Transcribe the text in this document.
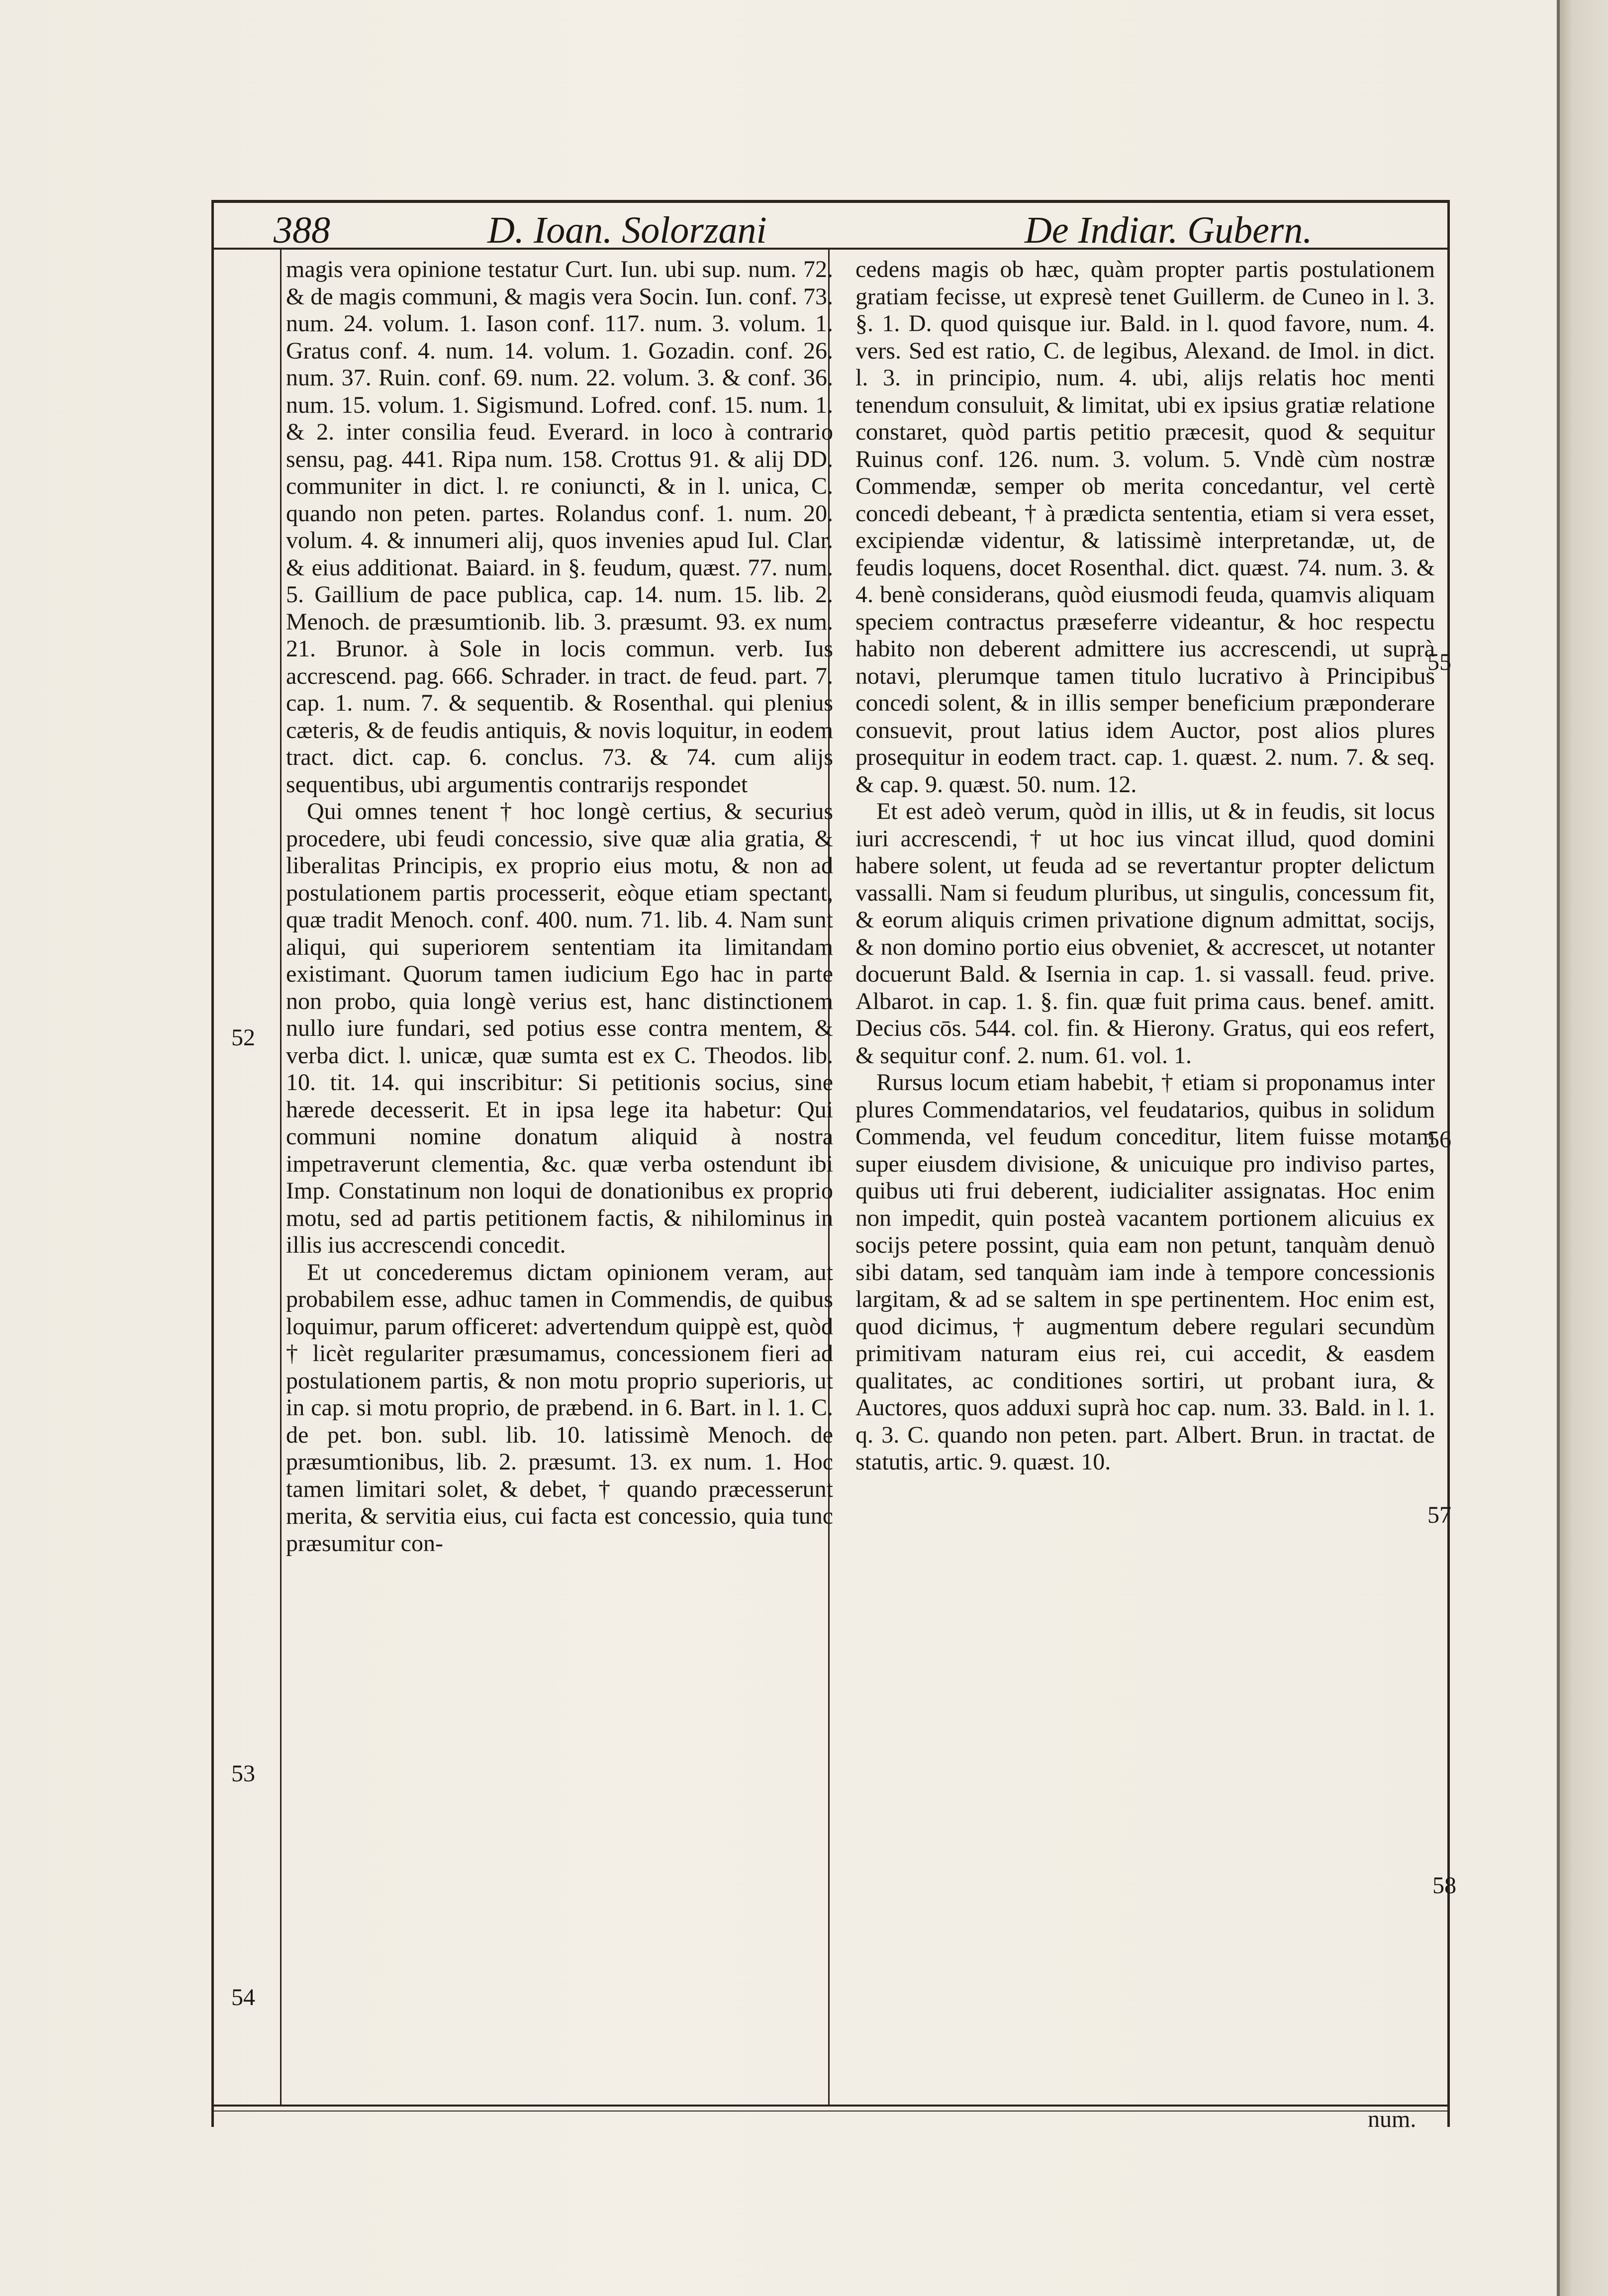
388	D. Ioan. Solorzani	De Indiar. Gubern.

magis vera opinione testatur Curt. Iun. ubi sup. num. 72. & de magis communi, & magis vera Socin. Iun. conf. 73. num. 24. volum. 1. Iason conf. 117. num. 3. volum. 1. Gratus conf. 4. num. 14. volum. 1. Gozadin. conf. 26. num. 37. Ruin. conf. 69. num. 22. volum. 3. & conf. 36. num. 15. volum. 1. Sigismund. Lofred. conf. 15. num. 1. & 2. inter consilia feud. Everard. in loco à contrario sensu, pag. 441. Ripa num. 158. Crottus 91. & alij DD. communiter in dict. l. re coniuncti, & in l. unica, C. quando non peten. partes. Rolandus conf. 1. num. 20. volum. 4. & innumeri alij, quos invenies apud Iul. Clar. & eius additionat. Baiard. in §. feudum, quæst. 77. num. 5. Gaillium de pace publica, cap. 14. num. 15. lib. 2. Menoch. de præsumtionib. lib. 3. præsumt. 93. ex num. 21. Brunor. à Sole in locis commun. verb. Ius accrescend. pag. 666. Schrader. in tract. de feud. part. 7. cap. 1. num. 7. & sequentib. & Rosenthal. qui plenius cæteris, & de feudis antiquis, & novis loquitur, in eodem tract. dict. cap. 6. conclus. 73. & 74. cum alijs sequentibus, ubi argumentis contrarijs respondet

Qui omnes tenent † hoc longè certius, & securius procedere, ubi feudi concessio, sive quæ alia gratia, & liberalitas Principis, ex proprio eius motu, & non ad postulationem partis processerit, eòque etiam spectant, quæ tradit Menoch. conf. 400. num. 71. lib. 4. Nam sunt aliqui, qui superiorem sententiam ita limitandam existimant. Quorum tamen iudicium Ego hac in parte non probo, quia longè verius est, hanc distinctionem nullo iure fundari, sed potius esse contra mentem, & verba dict. l. unicæ, quæ sumta est ex C. Theodos. lib. 10. tit. 14. qui inscribitur: Si petitionis socius, sine hærede decesserit. Et in ipsa lege ita habetur: Qui communi nomine donatum aliquid à nostra impetraverunt clementia, &c. quæ verba ostendunt ibi Imp. Constatinum non loqui de donationibus ex proprio motu, sed ad partis petitionem factis, & nihilominus in illis ius accrescendi concedit.

Et ut concederemus dictam opinionem veram, aut probabilem esse, adhuc tamen in Commendis, de quibus loquimur, parum officeret: advertendum quippè est, quòd † licèt regulariter præsumamus, concessionem fieri ad postulationem partis, & non motu proprio superioris, ut in cap. si motu proprio, de præbend. in 6. Bart. in l. 1. C. de pet. bon. subl. lib. 10. latissimè Menoch. de præsumtionibus, lib. 2. præsumt. 13. ex num. 1. Hoc tamen limitari solet, & debet, † quando præcesserunt merita, & servitia eius, cui facta est concessio, quia tunc præsumitur con-

cedens magis ob hæc, quàm propter partis postulationem gratiam fecisse, ut expresè tenet Guillerm. de Cuneo in l. 3. §. 1. D. quod quisque iur. Bald. in l. quod favore, num. 4. vers. Sed est ratio, C. de legibus, Alexand. de Imol. in dict. l. 3. in principio, num. 4. ubi, alijs relatis hoc menti tenendum consuluit, & limitat, ubi ex ipsius gratiæ relatione constaret, quòd partis petitio præcesit, quod & sequitur Ruinus conf. 126. num. 3. volum. 5. Vndè cùm nostræ Commendæ, semper ob merita concedantur, vel certè concedi debeant, † à prædicta sententia, etiam si vera esset, excipiendæ videntur, & latissimè interpretandæ, ut, de feudis loquens, docet Rosenthal. dict. quæst. 74. num. 3. & 4. benè considerans, quòd eiusmodi feuda, quamvis aliquam speciem contractus præseferre videantur, & hoc respectu habito non deberent admittere ius accrescendi, ut suprà notavi, plerumque tamen titulo lucrativo à Principibus concedi solent, & in illis semper beneficium præponderare consuevit, prout latius idem Auctor, post alios plures prosequitur in eodem tract. cap. 1. quæst. 2. num. 7. & seq. & cap. 9. quæst. 50. num. 12.

Et est adeò verum, quòd in illis, ut & in feudis, sit locus iuri accrescendi, † ut hoc ius vincat illud, quod domini habere solent, ut feuda ad se revertantur propter delictum vassalli. Nam si feudum pluribus, ut singulis, concessum fit, & eorum aliquis crimen privatione dignum admittat, socijs, & non domino portio eius obveniet, & accrescet, ut notanter docuerunt Bald. & Isernia in cap. 1. si vassall. feud. prive. Albarot. in cap. 1. §. fin. quæ fuit prima caus. benef. amitt. Decius cōs. 544. col. fin. & Hierony. Gratus, qui eos refert, & sequitur conf. 2. num. 61. vol. 1.

Rursus locum etiam habebit, † etiam si proponamus inter plures Commendatarios, vel feudatarios, quibus in solidum Commenda, vel feudum conceditur, litem fuisse motam super eiusdem divisione, & unicuique pro indiviso partes, quibus uti frui deberent, iudicialiter assignatas. Hoc enim non impedit, quin posteà vacantem portionem alicuius ex socijs petere possint, quia eam non petunt, tanquàm denuò sibi datam, sed tanquàm iam inde à tempore concessionis largitam, & ad se saltem in spe pertinentem. Hoc enim est, quod dicimus, † augmentum debere regulari secundùm primitivam naturam eius rei, cui accedit, & easdem qualitates, ac conditiones sortiri, ut probant iura, & Auctores, quos adduxi suprà hoc cap. num. 33. Bald. in l. 1. q. 3. C. quando non peten. part. Albert. Brun. in tractat. de statutis, artic. 9. quæst. 10.

52
53
54
55
56
57
58
num.
